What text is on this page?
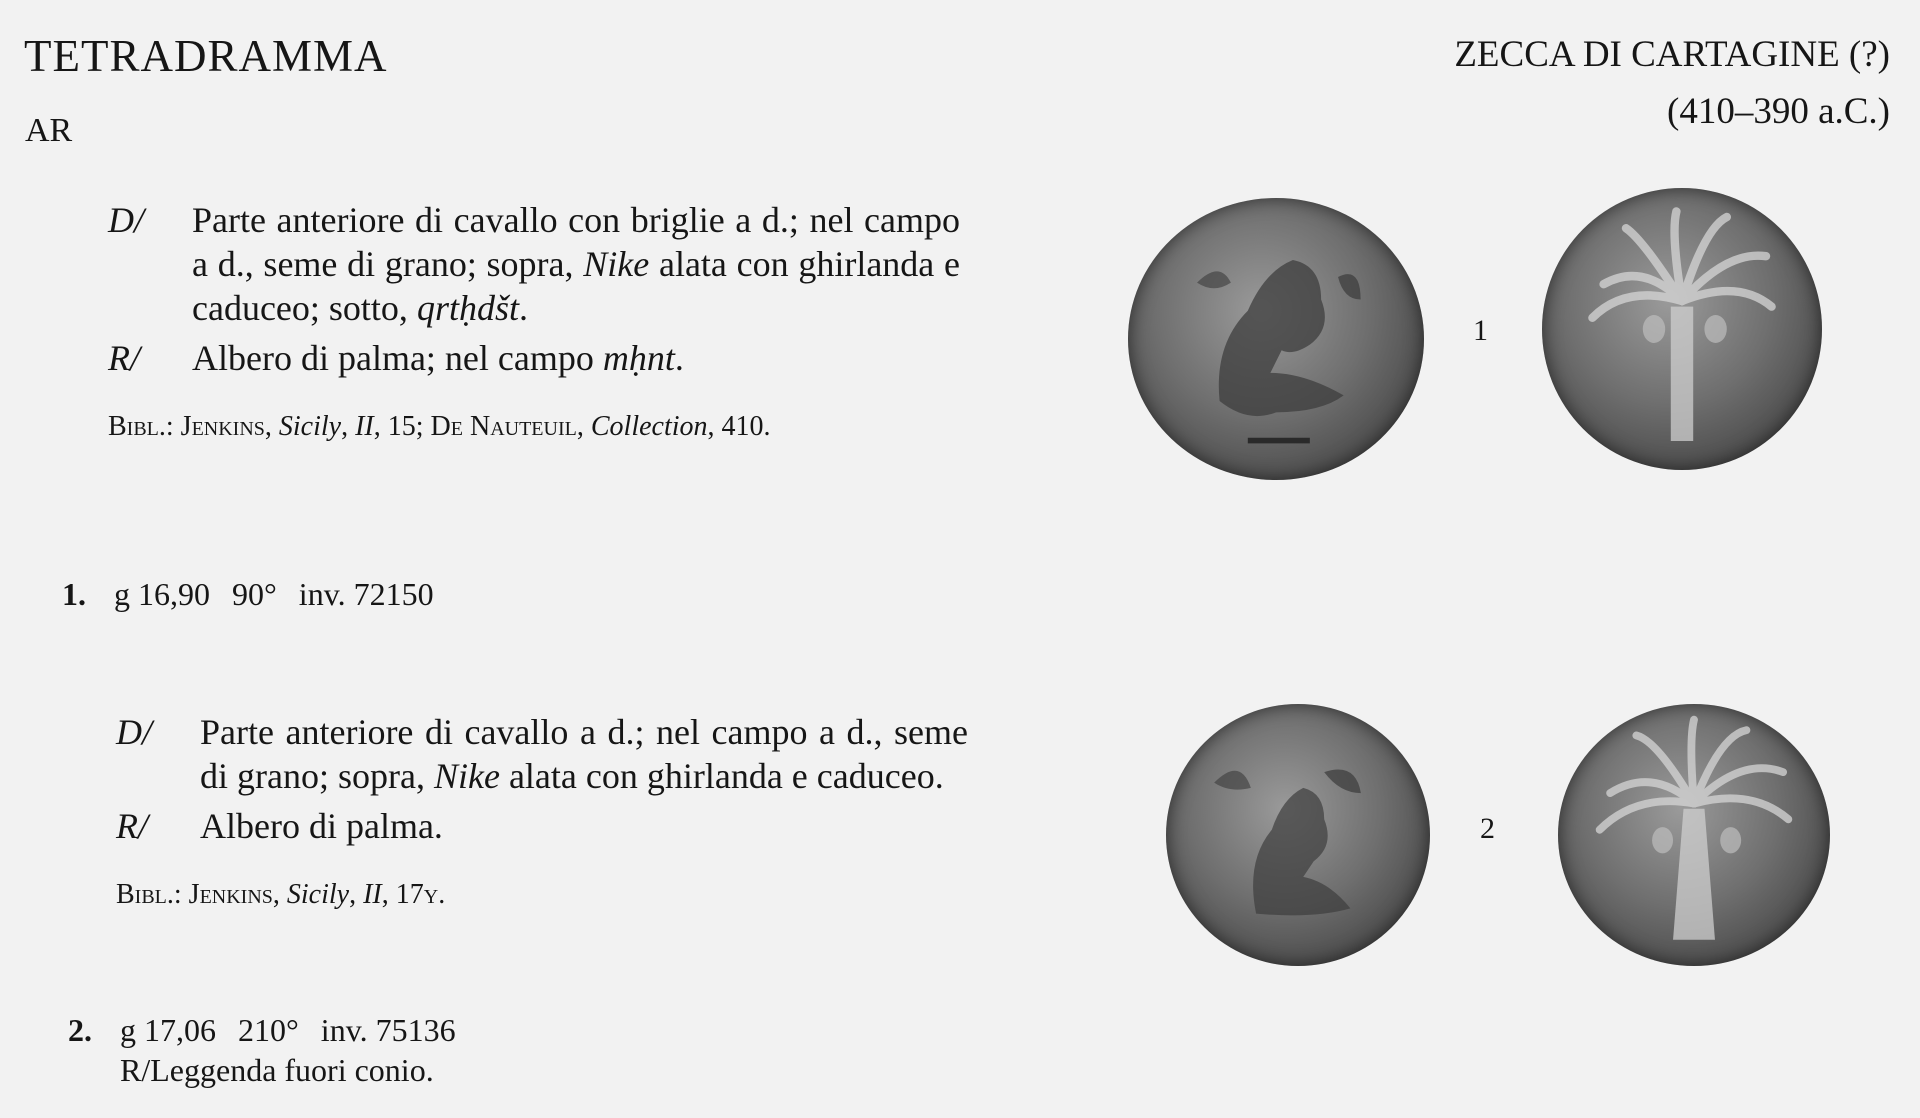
TETRADRAMMA
AR
ZECCA DI CARTAGINE (?)
(410–390 a.C.)
D/ Parte anteriore di cavallo con briglie a d.; nel campo a d., seme di grano; sopra, Nike alata con ghirlanda e caduceo; sotto, qrtḥdšt.
R/ Albero di palma; nel campo mḥnt.
Bibl.: Jenkins, Sicily, II, 15; De Nauteuil, Collection, 410.
1. g 16,90 90° inv. 72150
1
D/ Parte anteriore di cavallo a d.; nel campo a d., seme di grano; sopra, Nike alata con ghirlanda e caduceo.
R/ Albero di palma.
Bibl.: Jenkins, Sicily, II, 17y.
2. g 17,06 210° inv. 75136
R/Leggenda fuori conio.
2
